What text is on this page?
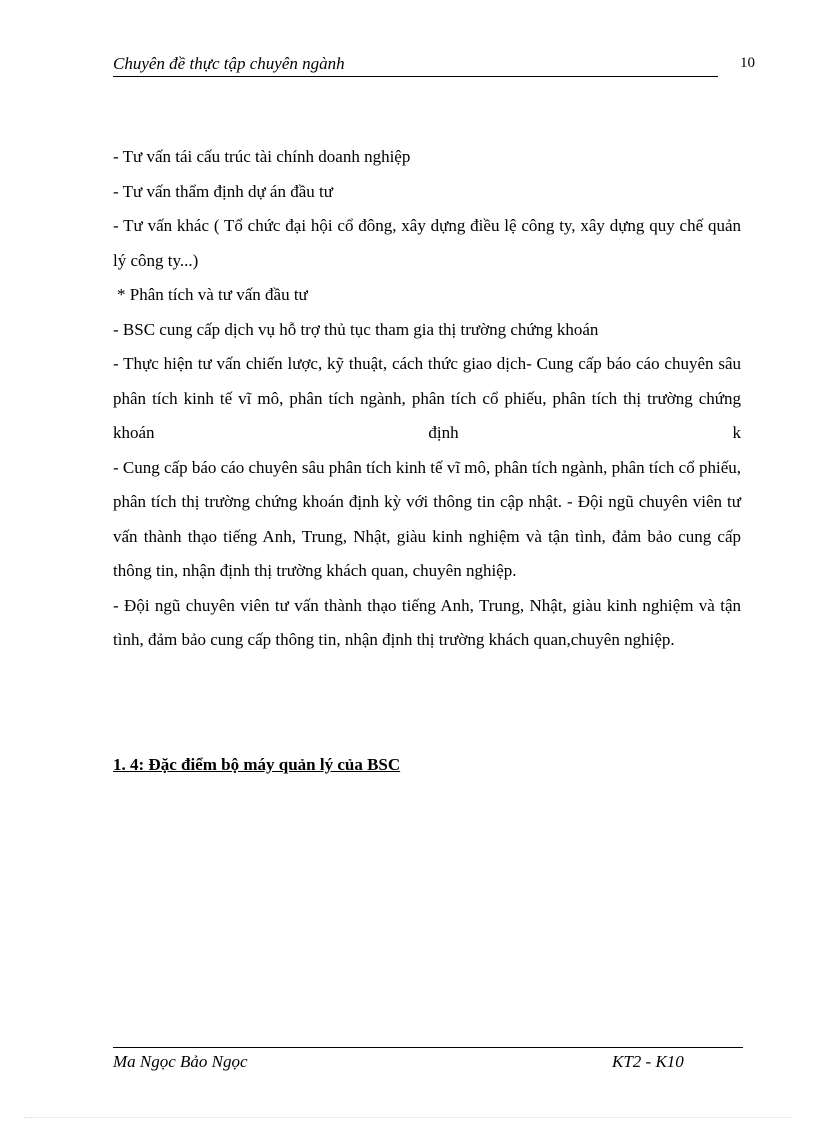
Chuyên đề thực tập chuyên ngành	10

- Tư vấn tái cấu trúc tài chính doanh nghiệp

- Tư vấn thẩm định dự án đầu tư

- Tư vấn khác ( Tổ chức đại hội cổ đông, xây dựng điều lệ công ty, xây dựng quy chế quản lý công ty...)

* Phân tích và tư vấn đầu tư

- BSC cung cấp dịch vụ hỗ trợ thủ tục tham gia thị trường chứng khoán

- Thực hiện tư vấn chiến lược, kỹ thuật, cách thức giao dịch- Cung cấp báo cáo chuyên sâu phân tích kinh tế vĩ mô, phân tích ngành, phân tích cổ phiếu, phân tích thị trường chứng khoán định k

- Cung cấp báo cáo chuyên sâu phân tích kinh tế vĩ mô, phân tích ngành, phân tích cổ phiếu, phân tích thị trường chứng khoán định kỳ với thông tin cập nhật. - Đội ngũ chuyên viên tư vấn thành thạo tiếng Anh, Trung, Nhật, giàu kinh nghiệm và tận tình, đảm bảo cung cấp thông tin, nhận định thị trường khách quan, chuyên nghiệp.

- Đội ngũ chuyên viên tư vấn thành thạo tiếng Anh, Trung, Nhật, giàu kinh nghiệm và tận tình, đảm bảo cung cấp thông tin, nhận định thị trường khách quan,chuyên nghiệp.

1. 4: Đặc điểm bộ máy quản lý của BSC
Ma Ngọc Bảo Ngọc	KT2 - K10
